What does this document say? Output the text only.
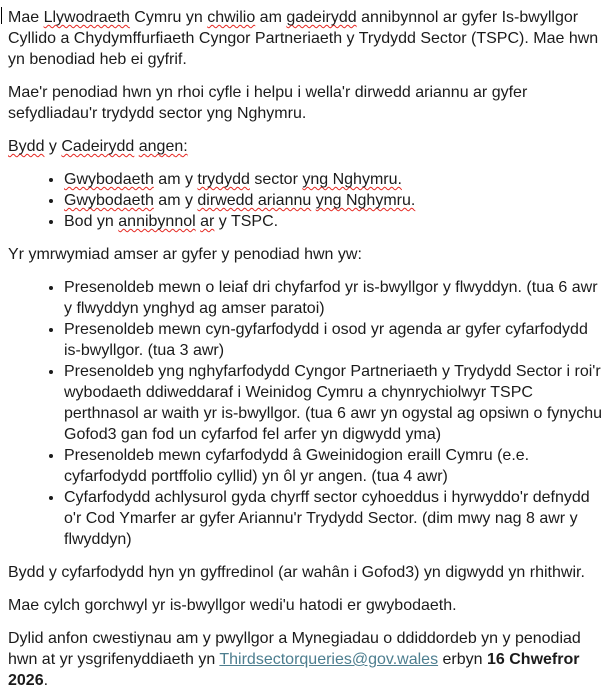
Mae Llywodraeth Cymru yn chwilio am gadeirydd annibynnol ar gyfer Is-bwyllgor Cyllido a Chydymffurfiaeth Cyngor Partneriaeth y Trydydd Sector (TSPC). Mae hwn yn benodiad heb ei gyfrif.

Mae'r penodiad hwn yn rhoi cyfle i helpu i wella'r dirwedd ariannu ar gyfer sefydliadau'r trydydd sector yng Nghymru.

Bydd y Cadeirydd angen:

• Gwybodaeth am y trydydd sector yng Nghymru.
• Gwybodaeth am y dirwedd ariannu yng Nghymru.
• Bod yn annibynnol ar y TSPC.

Yr ymrwymiad amser ar gyfer y penodiad hwn yw:

• Presenoldeb mewn o leiaf dri chyfarfod yr is-bwyllgor y flwyddyn. (tua 6 awr y flwyddyn ynghyd ag amser paratoi)
• Presenoldeb mewn cyn-gyfarfodydd i osod yr agenda ar gyfer cyfarfodydd is-bwyllgor. (tua 3 awr)
• Presenoldeb yng nghyfarfodydd Cyngor Partneriaeth y Trydydd Sector i roi'r wybodaeth ddiweddaraf i Weinidog Cymru a chynrychiolwyr TSPC perthnasol ar waith yr is-bwyllgor. (tua 6 awr yn ogystal ag opsiwn o fynychu Gofod3 gan fod un cyfarfod fel arfer yn digwydd yma)
• Presenoldeb mewn cyfarfodydd â Gweinidogion eraill Cymru (e.e. cyfarfodydd portffolio cyllid) yn ôl yr angen. (tua 4 awr)
• Cyfarfodydd achlysurol gyda chyrff sector cyhoeddus i hyrwyddo'r defnydd o'r Cod Ymarfer ar gyfer Ariannu'r Trydydd Sector. (dim mwy nag 8 awr y flwyddyn)

Bydd y cyfarfodydd hyn yn gyffredinol (ar wahân i Gofod3) yn digwydd yn rhithwir.

Mae cylch gorchwyl yr is-bwyllgor wedi'u hatodi er gwybodaeth.

Dylid anfon cwestiynau am y pwyllgor a Mynegiadau o ddiddordeb yn y penodiad hwn at yr ysgrifenyddiaeth yn Thirdsectorqueries@gov.wales erbyn 16 Chwefror 2026.
